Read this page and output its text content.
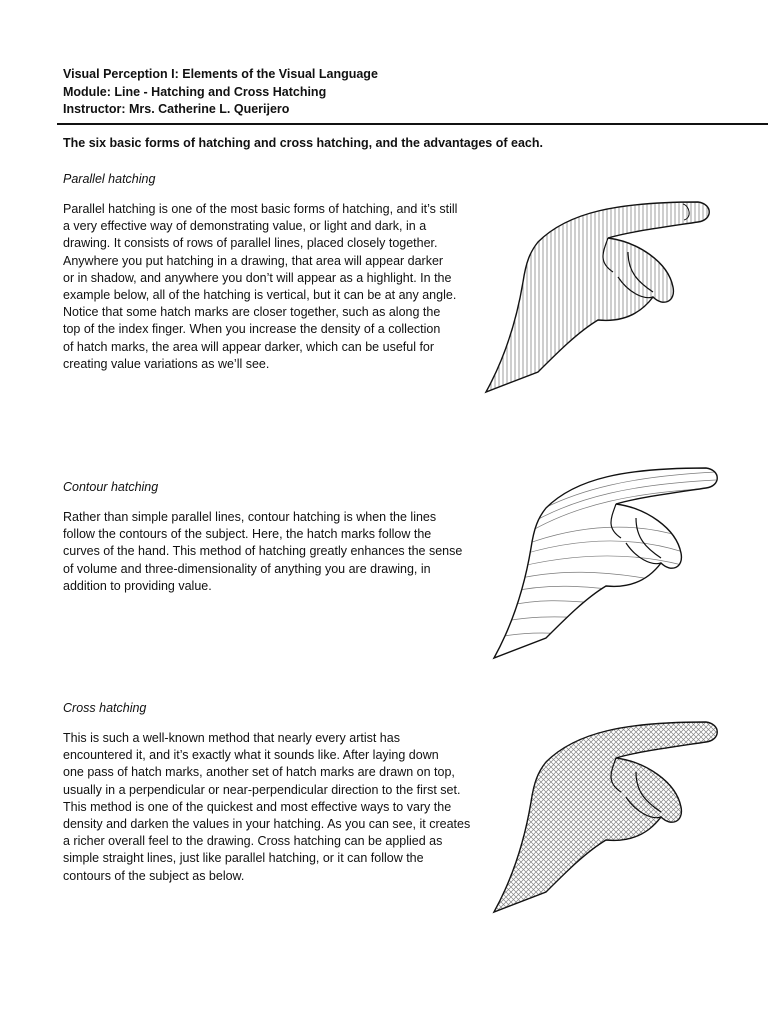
Visual Perception I: Elements of the Visual Language
Module: Line - Hatching and Cross Hatching
Instructor: Mrs. Catherine L. Querijero
The six basic forms of hatching and cross hatching, and the advantages of each.
Parallel hatching
Parallel hatching is one of the most basic forms of hatching, and it’s still
a very effective way of demonstrating value, or light and dark, in a
drawing. It consists of rows of parallel lines, placed closely together.
Anywhere you put hatching in a drawing, that area will appear darker
or in shadow, and anywhere you don’t will appear as a highlight. In the
example below, all of the hatching is vertical, but it can be at any angle.
Notice that some hatch marks are closer together, such as along the
top of the index finger. When you increase the density of a collection
of hatch marks, the area will appear darker, which can be useful for
creating value variations as we’ll see.
Contour hatching
Rather than simple parallel lines, contour hatching is when the lines
follow the contours of the subject. Here, the hatch marks follow the
curves of the hand. This method of hatching greatly enhances the sense
of volume and three-dimensionality of anything you are drawing, in
addition to providing value.
Cross hatching
This is such a well-known method that nearly every artist has
encountered it, and it’s exactly what it sounds like. After laying down
one pass of hatch marks, another set of hatch marks are drawn on top,
usually in a perpendicular or near-perpendicular direction to the first set.
This method is one of the quickest and most effective ways to vary the
density and darken the values in your hatching. As you can see, it creates
a richer overall feel to the drawing. Cross hatching can be applied as
simple straight lines, just like parallel hatching, or it can follow the
contours of the subject as below.
